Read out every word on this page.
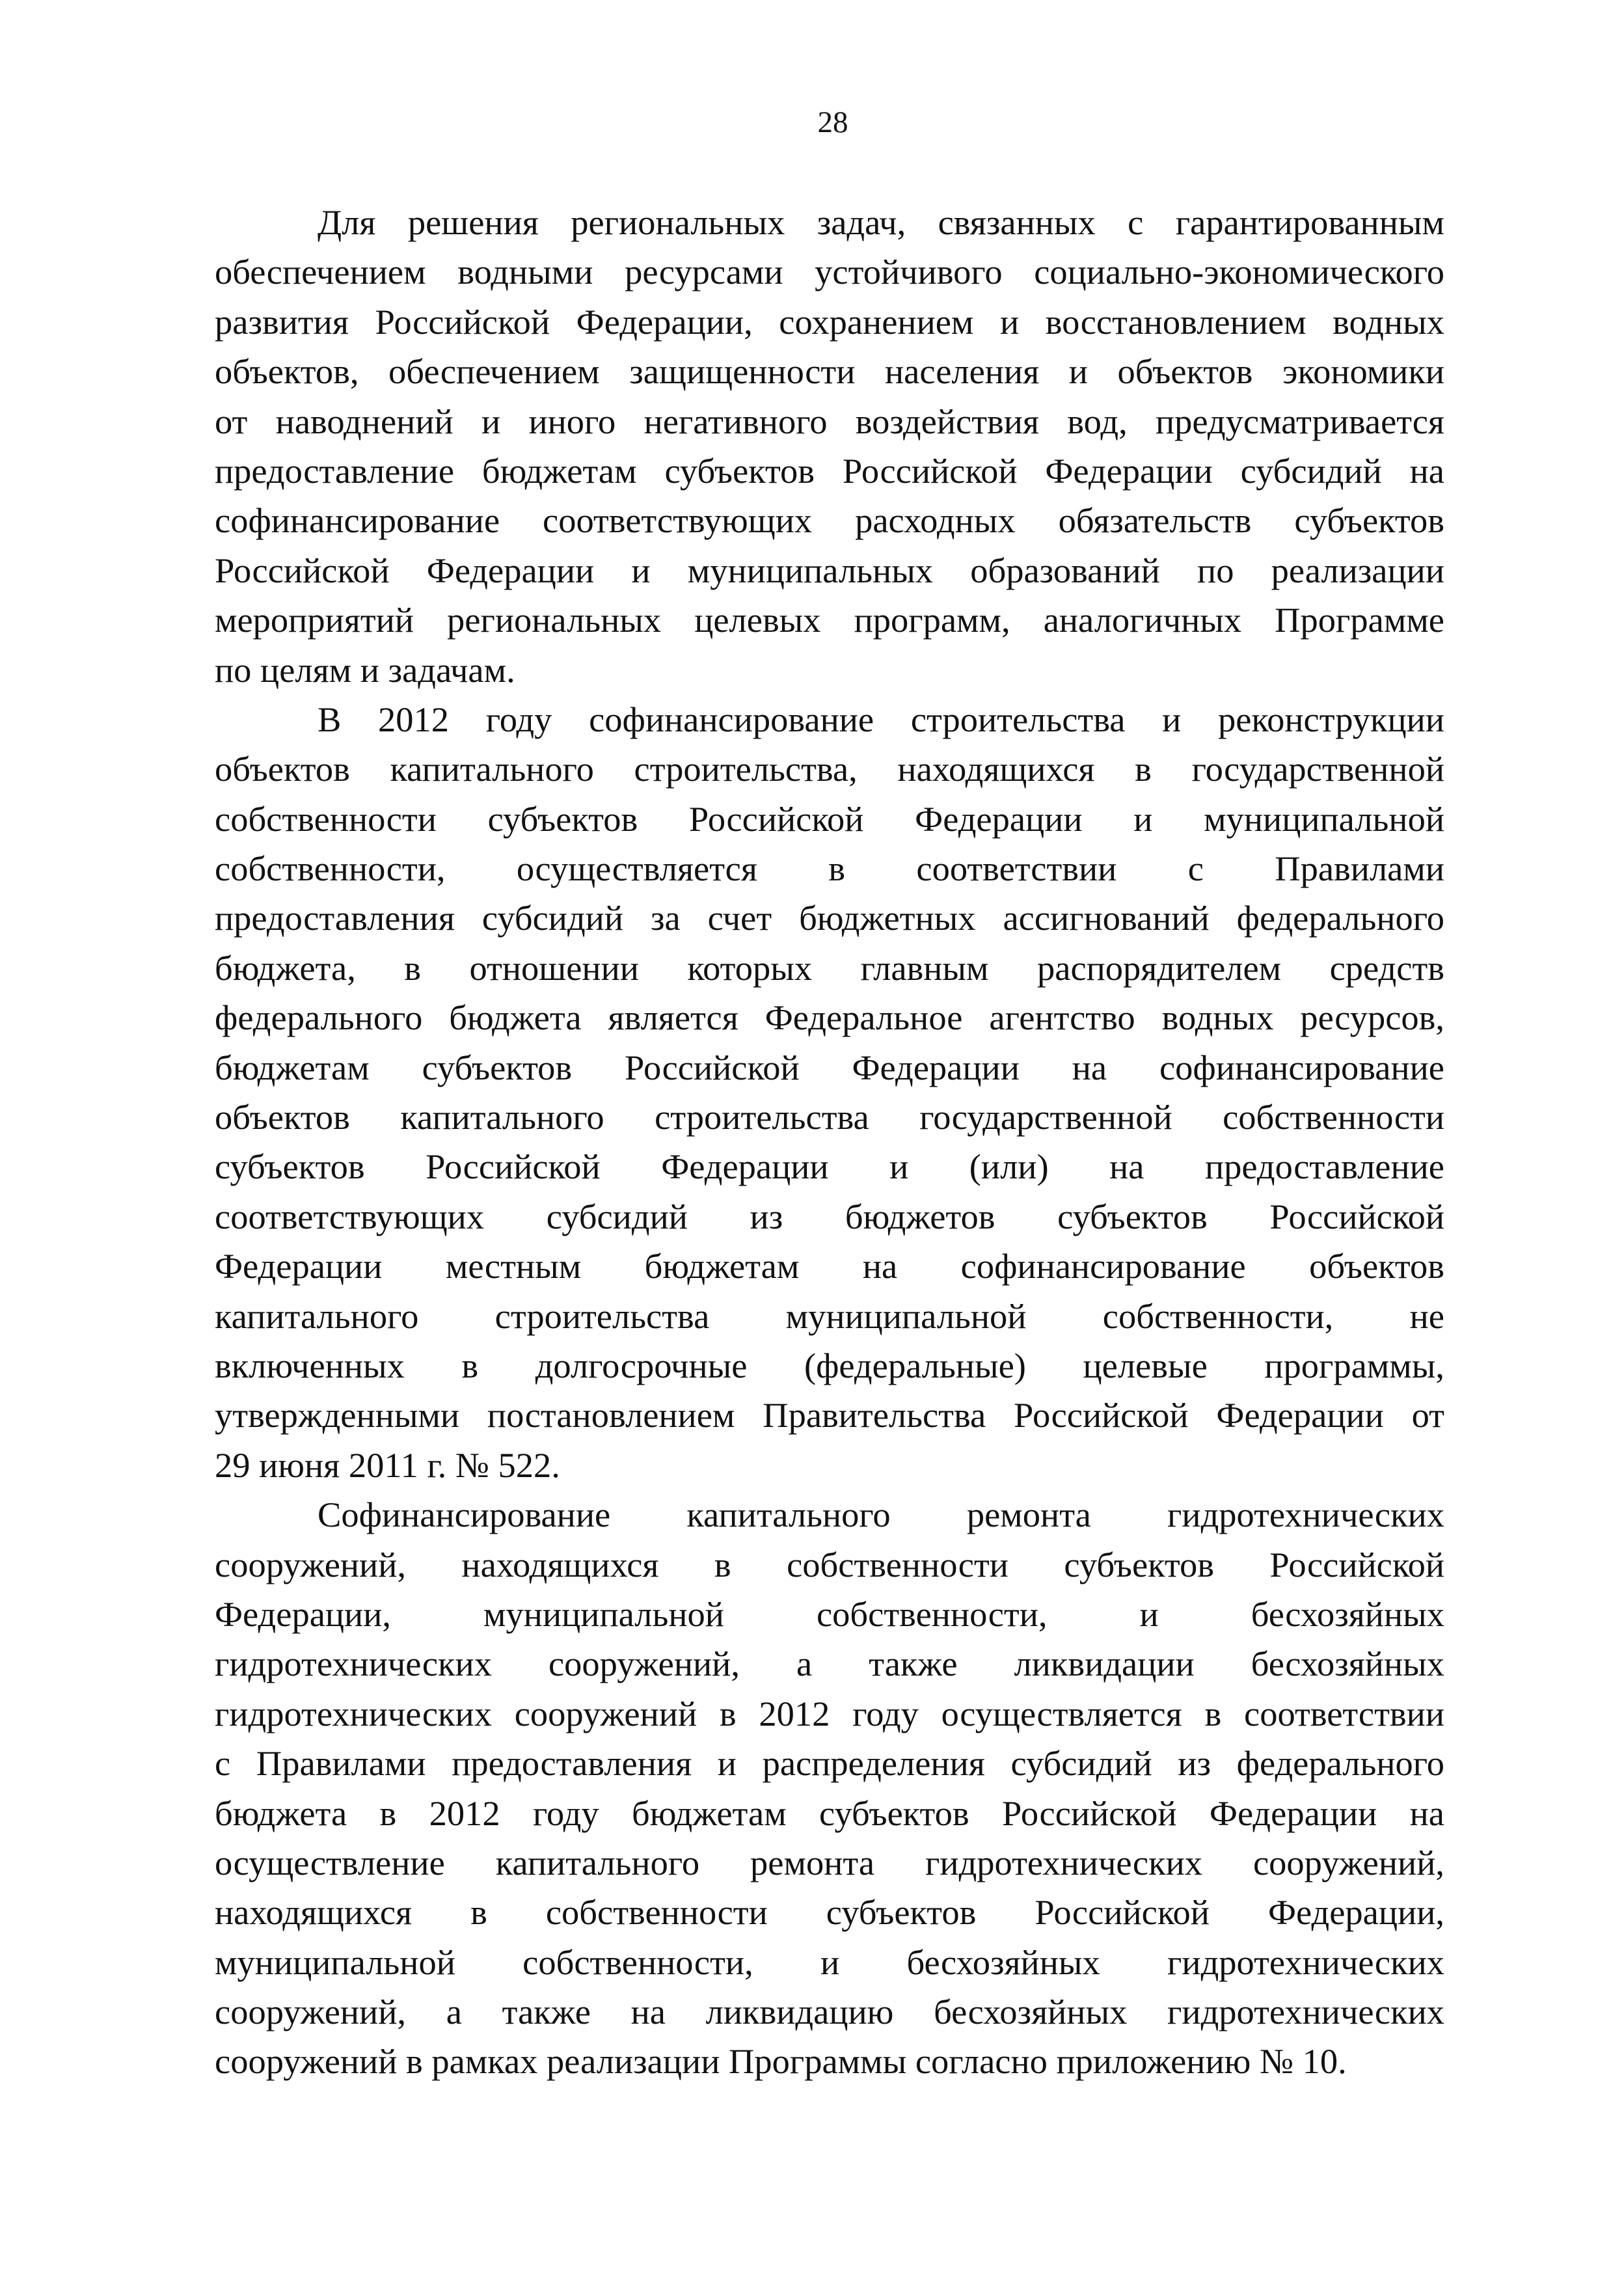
28
Для решения региональных задач, связанных с гарантированным
обеспечением водными ресурсами устойчивого социально-экономического
развития Российской Федерации, сохранением и восстановлением водных
объектов, обеспечением защищенности населения и объектов экономики
от наводнений и иного негативного воздействия вод, предусматривается
предоставление бюджетам субъектов Российской Федерации субсидий на
софинансирование соответствующих расходных обязательств субъектов
Российской Федерации и муниципальных образований по реализации
мероприятий региональных целевых программ, аналогичных Программе
по целям и задачам.
В 2012 году софинансирование строительства и реконструкции
объектов капитального строительства, находящихся в государственной
собственности субъектов Российской Федерации и муниципальной
собственности, осуществляется в соответствии с Правилами
предоставления субсидий за счет бюджетных ассигнований федерального
бюджета, в отношении которых главным распорядителем средств
федерального бюджета является Федеральное агентство водных ресурсов,
бюджетам субъектов Российской Федерации на софинансирование
объектов капитального строительства государственной собственности
субъектов Российской Федерации и (или) на предоставление
соответствующих субсидий из бюджетов субъектов Российской
Федерации местным бюджетам на софинансирование объектов
капитального строительства муниципальной собственности, не
включенных в долгосрочные (федеральные) целевые программы,
утвержденными постановлением Правительства Российской Федерации от
29 июня 2011 г. № 522.
Софинансирование капитального ремонта гидротехнических
сооружений, находящихся в собственности субъектов Российской
Федерации, муниципальной собственности, и бесхозяйных
гидротехнических сооружений, а также ликвидации бесхозяйных
гидротехнических сооружений в 2012 году осуществляется в соответствии
с Правилами предоставления и распределения субсидий из федерального
бюджета в 2012 году бюджетам субъектов Российской Федерации на
осуществление капитального ремонта гидротехнических сооружений,
находящихся в собственности субъектов Российской Федерации,
муниципальной собственности, и бесхозяйных гидротехнических
сооружений, а также на ликвидацию бесхозяйных гидротехнических
сооружений в рамках реализации Программы согласно приложению № 10.
